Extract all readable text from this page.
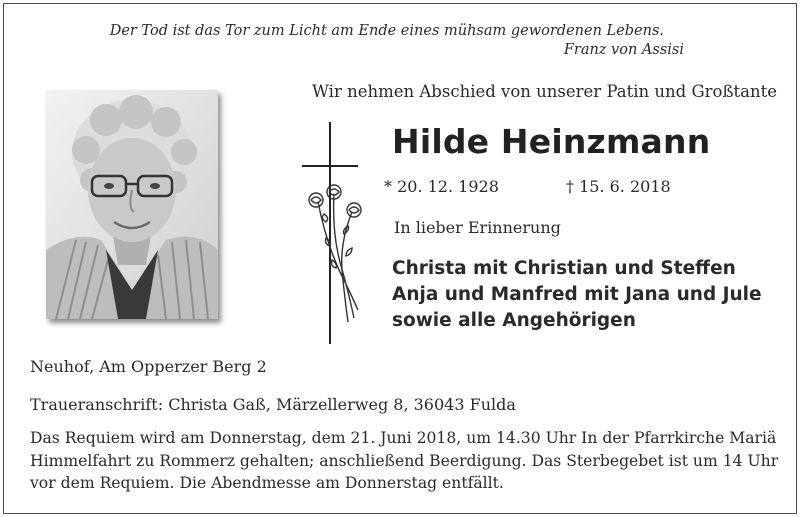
Der Tod ist das Tor zum Licht am Ende eines mühsam gewordenen Lebens.
Franz von Assisi
Wir nehmen Abschied von unserer Patin und Großtante
Hilde Heinzmann
* 20. 12. 1928	† 15. 6. 2018
In lieber Erinnerung
Christa mit Christian und Steffen
Anja und Manfred mit Jana und Jule
sowie alle Angehörigen
Neuhof, Am Opperzer Berg 2
Traueranschrift: Christa Gaß, Märzellerweg 8, 36043 Fulda
Das Requiem wird am Donnerstag, dem 21. Juni 2018, um 14.30 Uhr In der Pfarrkirche Mariä Himmelfahrt zu Rommerz gehalten; anschließend Beerdigung. Das Sterbegebet ist um 14 Uhr vor dem Requiem. Die Abendmesse am Donnerstag entfällt.
